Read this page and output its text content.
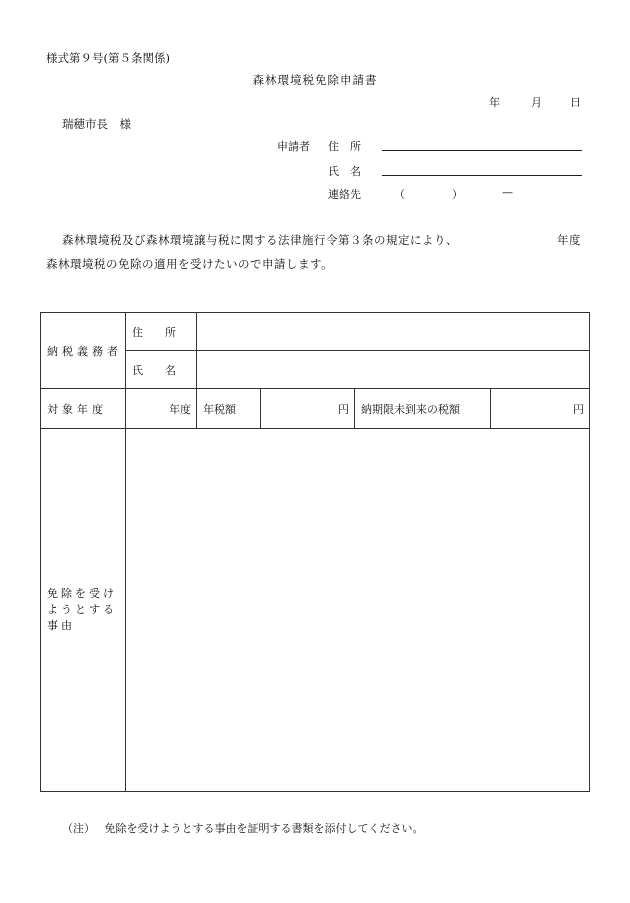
様式第９号(第５条関係)
森林環境税免除申請書
年	月	日
瑞穂市長　様
申請者 住　所
氏　名
連絡先	（	）	—
森林環境税及び森林環境譲与税に関する法律施行令第３条の規定により、	年度
森林環境税の免除の適用を受けたいので申請します。
納税義務者	住　　所				
	氏　　名				
対象年度	年度	年税額	円	納期限未到来の税額	円

免除を受けようとする事由					

（注） 免除を受けようとする事由を証明する書類を添付してください。
